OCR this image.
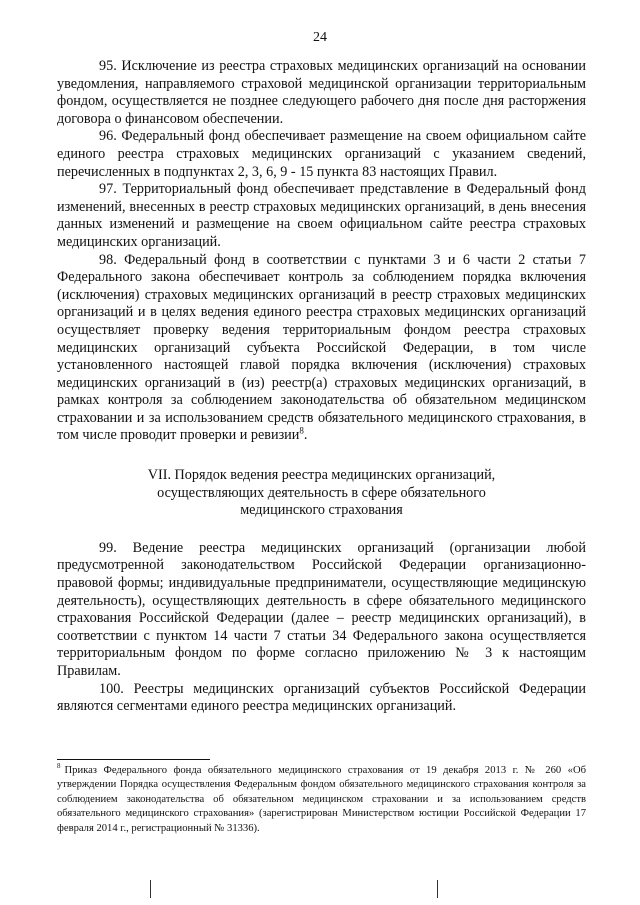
24

95. Исключение из реестра страховых медицинских организаций на основании уведомления, направляемого страховой медицинской организации территориальным фондом, осуществляется не позднее следующего рабочего дня после дня расторжения договора о финансовом обеспечении.

96. Федеральный фонд обеспечивает размещение на своем официальном сайте единого реестра страховых медицинских организаций с указанием сведений, перечисленных в подпунктах 2, 3, 6, 9 - 15 пункта 83 настоящих Правил.

97. Территориальный фонд обеспечивает представление в Федеральный фонд изменений, внесенных в реестр страховых медицинских организаций, в день внесения данных изменений и размещение на своем официальном сайте реестра страховых медицинских организаций.

98. Федеральный фонд в соответствии с пунктами 3 и 6 части 2 статьи 7 Федерального закона обеспечивает контроль за соблюдением порядка включения (исключения) страховых медицинских организаций в реестр страховых медицинских организаций и в целях ведения единого реестра страховых медицинских организаций осуществляет проверку ведения территориальным фондом реестра страховых медицинских организаций субъекта Российской Федерации, в том числе установленного настоящей главой порядка включения (исключения) страховых медицинских организаций в (из) реестр(а) страховых медицинских организаций, в рамках контроля за соблюдением законодательства об обязательном медицинском страховании и за использованием средств обязательного медицинского страхования, в том числе проводит проверки и ревизии$^8$.

VII. Порядок ведения реестра медицинских организаций,
осуществляющих деятельность в сфере обязательного
медицинского страхования

99. Ведение реестра медицинских организаций (организации любой предусмотренной законодательством Российской Федерации организационно-правовой формы; индивидуальные предприниматели, осуществляющие медицинскую деятельность), осуществляющих деятельность в сфере обязательного медицинского страхования Российской Федерации (далее – реестр медицинских организаций), в соответствии с пунктом 14 части 7 статьи 34 Федерального закона осуществляется территориальным фондом по форме согласно приложению № 3 к настоящим Правилам.

100. Реестры медицинских организаций субъектов Российской Федерации являются сегментами единого реестра медицинских организаций.

$^8$ Приказ Федерального фонда обязательного медицинского страхования от 19 декабря 2013 г. № 260 «Об утверждении Порядка осуществления Федеральным фондом обязательного медицинского страхования контроля за соблюдением законодательства об обязательном медицинском страховании и за использованием средств обязательного медицинского страхования» (зарегистрирован Министерством юстиции Российской Федерации 17 февраля 2014 г., регистрационный № 31336).
